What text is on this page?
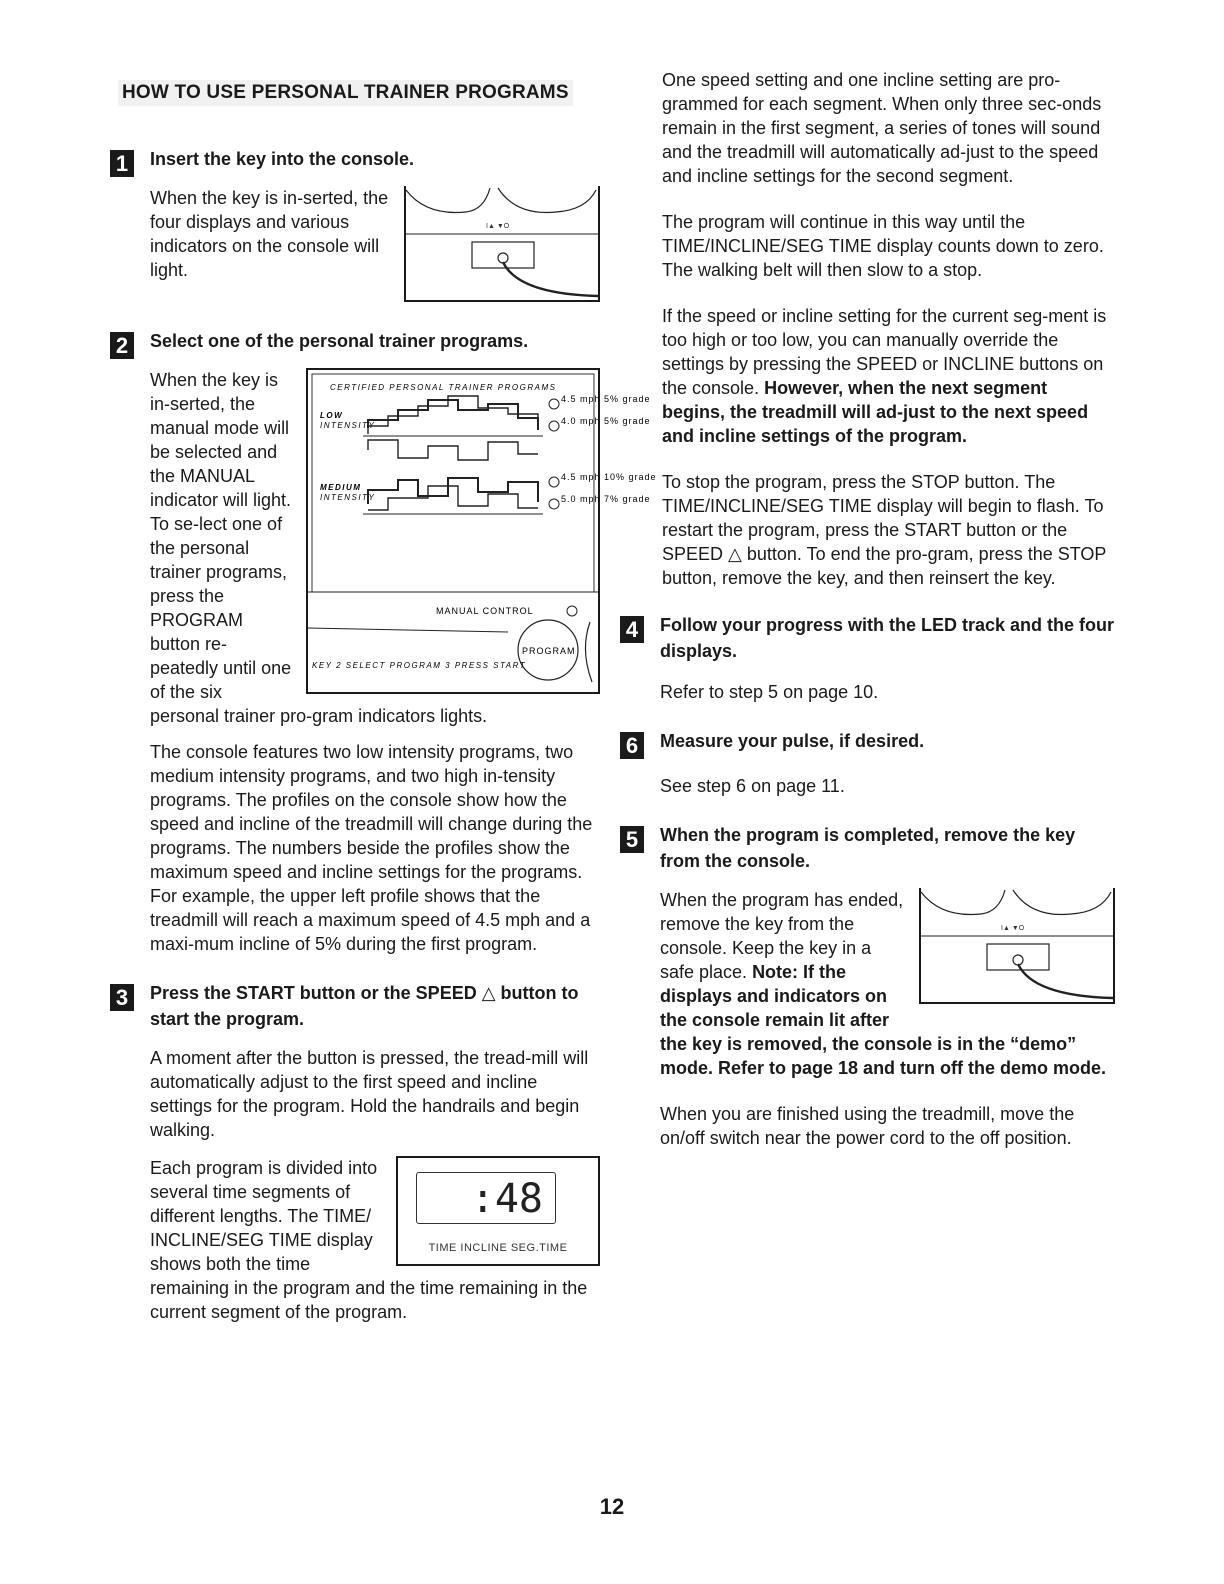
HOW TO USE PERSONAL TRAINER PROGRAMS
1	Insert the key into the console.

I▲ ▼O

When the key is in-serted, the four displays and various indicators on the console will light.

2	Select one of the personal trainer programs.

CERTIFIED PERSONAL TRAINER PROGRAMS
LOW
INTENSITY
MEDIUM
INTENSITY
4.5 mph 5% grade
4.0 mph 5% grade
4.5 mph 10% grade
5.0 mph 7% grade
MANUAL CONTROL
PROGRAM
KEY 2 SELECT PROGRAM 3 PRESS START

When the key is in-serted, the manual mode will be selected and the MANUAL indicator will light. To se-lect one of the personal trainer programs, press the PROGRAM button re-peatedly until one of the six personal trainer pro-gram indicators lights.

The console features two low intensity programs, two medium intensity programs, and two high in-tensity programs. The profiles on the console show how the speed and incline of the treadmill will change during the programs. The numbers beside the profiles show the maximum speed and incline settings for the programs. For example, the upper left profile shows that the treadmill will reach a maximum speed of 4.5 mph and a maxi-mum incline of 5% during the first program.

3	Press the START button or the SPEED △ button to start the program.

A moment after the button is pressed, the tread-mill will automatically adjust to the first speed and incline settings for the program. Hold the handrails and begin walking.

:48
TIME INCLINE SEG.TIME

Each program is divided into several time segments of different lengths. The TIME/ INCLINE/SEG TIME display shows both the time remaining in the program and the time remaining in the current segment of the program.

One speed setting and one incline setting are pro-grammed for each segment. When only three sec-onds remain in the first segment, a series of tones will sound and the treadmill will automatically ad-just to the speed and incline settings for the second segment.

The program will continue in this way until the TIME/INCLINE/SEG TIME display counts down to zero. The walking belt will then slow to a stop.

If the speed or incline setting for the current seg-ment is too high or too low, you can manually override the settings by pressing the SPEED or INCLINE buttons on the console. However, when the next segment begins, the treadmill will ad-just to the next speed and incline settings of the program.

To stop the program, press the STOP button. The TIME/INCLINE/SEG TIME display will begin to flash. To restart the program, press the START button or the SPEED △ button. To end the pro-gram, press the STOP button, remove the key, and then reinsert the key.

4	Follow your progress with the LED track and the four displays.

Refer to step 5 on page 10.

6	Measure your pulse, if desired.

See step 6 on page 11.

5	When the program is completed, remove the key from the console.

I▲ ▼O

When the program has ended, remove the key from the console. Keep the key in a safe place. Note: If the displays and indicators on the console remain lit after the key is removed, the console is in the “demo” mode. Refer to page 18 and turn off the demo mode.

When you are finished using the treadmill, move the on/off switch near the power cord to the off position.

12
